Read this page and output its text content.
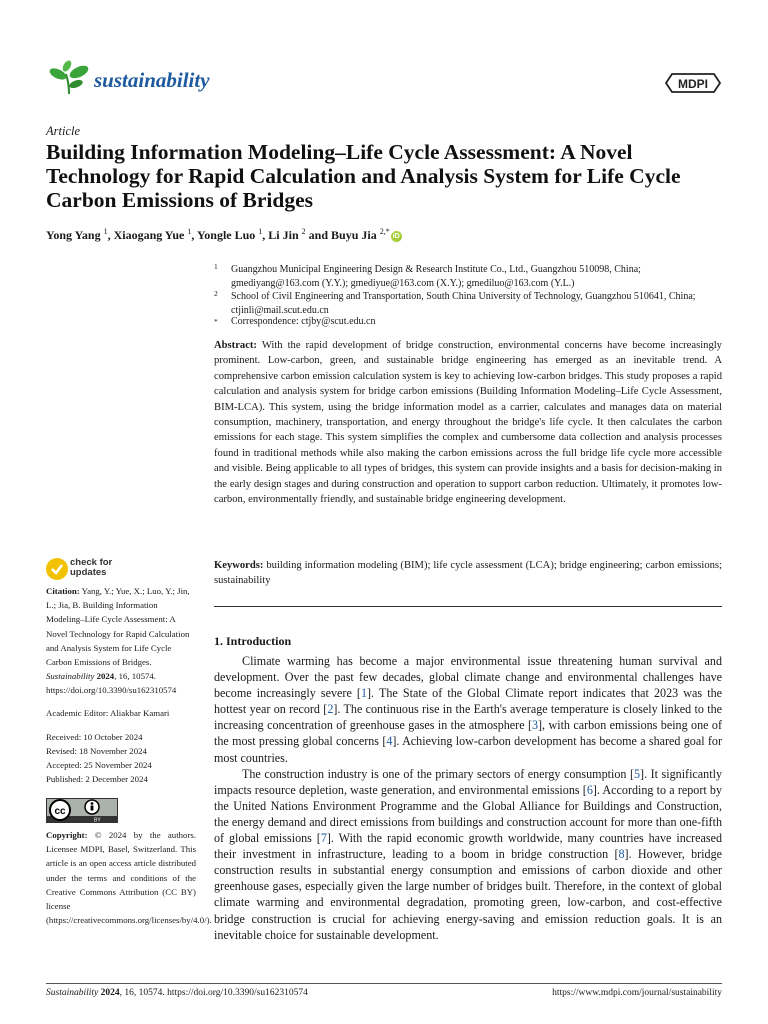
sustainability	MDPI
Article
Building Information Modeling–Life Cycle Assessment: A Novel Technology for Rapid Calculation and Analysis System for Life Cycle Carbon Emissions of Bridges
Yong Yang $^1$, Xiaogang Yue $^1$, Yongle Luo $^1$, Li Jin $^2$ and Buyu Jia $^{2,*}$iD
1 Guangzhou Municipal Engineering Design & Research Institute Co., Ltd., Guangzhou 510098, China; gmediyang@163.com (Y.Y.); gmediyue@163.com (X.Y.); gmediluo@163.com (Y.L.)
2 School of Civil Engineering and Transportation, South China University of Technology, Guangzhou 510641, China; ctjinli@mail.scut.edu.cn
* Correspondence: ctjby@scut.edu.cn
Abstract: With the rapid development of bridge construction, environmental concerns have become increasingly prominent. Low-carbon, green, and sustainable bridge engineering has emerged as an inevitable trend. A comprehensive carbon emission calculation system is key to achieving low-carbon bridges. This study proposes a rapid calculation and analysis system for bridge carbon emissions (Building Information Modeling–Life Cycle Assessment, BIM-LCA). This system, using the bridge information model as a carrier, calculates and manages data on material consumption, machinery, transportation, and energy throughout the bridge's life cycle. It then calculates the carbon emissions for each stage. This system simplifies the complex and cumbersome data collection and analysis processes found in traditional methods while also making the carbon emissions across the full bridge life cycle more accessible and visible. Being applicable to all types of bridges, this system can provide insights and a basis for decision-making in the early design stages and during construction and operation to support carbon reduction. Ultimately, it promotes low-carbon, environmentally friendly, and sustainable bridge engineering development.
Keywords: building information modeling (BIM); life cycle assessment (LCA); bridge engineering; carbon emissions; sustainability
1. Introduction

Climate warming has become a major environmental issue threatening human survival and development. Over the past few decades, global climate change and environmental challenges have become increasingly severe [1]. The State of the Global Climate report indicates that 2023 was the hottest year on record [2]. The continuous rise in the Earth's average temperature is closely linked to the increasing concentration of greenhouse gases in the atmosphere [3], with carbon emissions being one of the most pressing global concerns [4]. Achieving low-carbon development has become a shared goal for most countries.

The construction industry is one of the primary sectors of energy consumption [5]. It significantly impacts resource depletion, waste generation, and environmental emissions [6]. According to a report by the United Nations Environment Programme and the Global Alliance for Buildings and Construction, the energy demand and direct emissions from buildings and construction account for more than one-fifth of global emissions [7]. With the rapid economic growth worldwide, many countries have increased their investment in infrastructure, leading to a boom in bridge construction [8]. However, bridge construction results in substantial energy consumption and emissions of carbon dioxide and other greenhouse gases, especially given the large number of bridges built. Therefore, in the context of global climate warming and environmental degradation, promoting green, low-carbon, and cost-effective bridge construction is crucial for achieving energy-saving and emission reduction goals. It is an inevitable choice for sustainable development.

check for
updates
Citation: Yang, Y.; Yue, X.; Luo, Y.; Jin, L.; Jia, B. Building Information Modeling–Life Cycle Assessment: A Novel Technology for Rapid Calculation and Analysis System for Life Cycle Carbon Emissions of Bridges. Sustainability 2024, 16, 10574. https://doi.org/10.3390/su162310574
Academic Editor: Aliakbar Kamari
Received: 10 October 2024
Revised: 18 November 2024
Accepted: 25 November 2024
Published: 2 December 2024
cc
BY
Copyright: © 2024 by the authors. Licensee MDPI, Basel, Switzerland. This article is an open access article distributed under the terms and conditions of the Creative Commons Attribution (CC BY) license (https://creativecommons.org/licenses/by/4.0/).
Sustainability 2024, 16, 10574. https://doi.org/10.3390/su162310574	https://www.mdpi.com/journal/sustainability
